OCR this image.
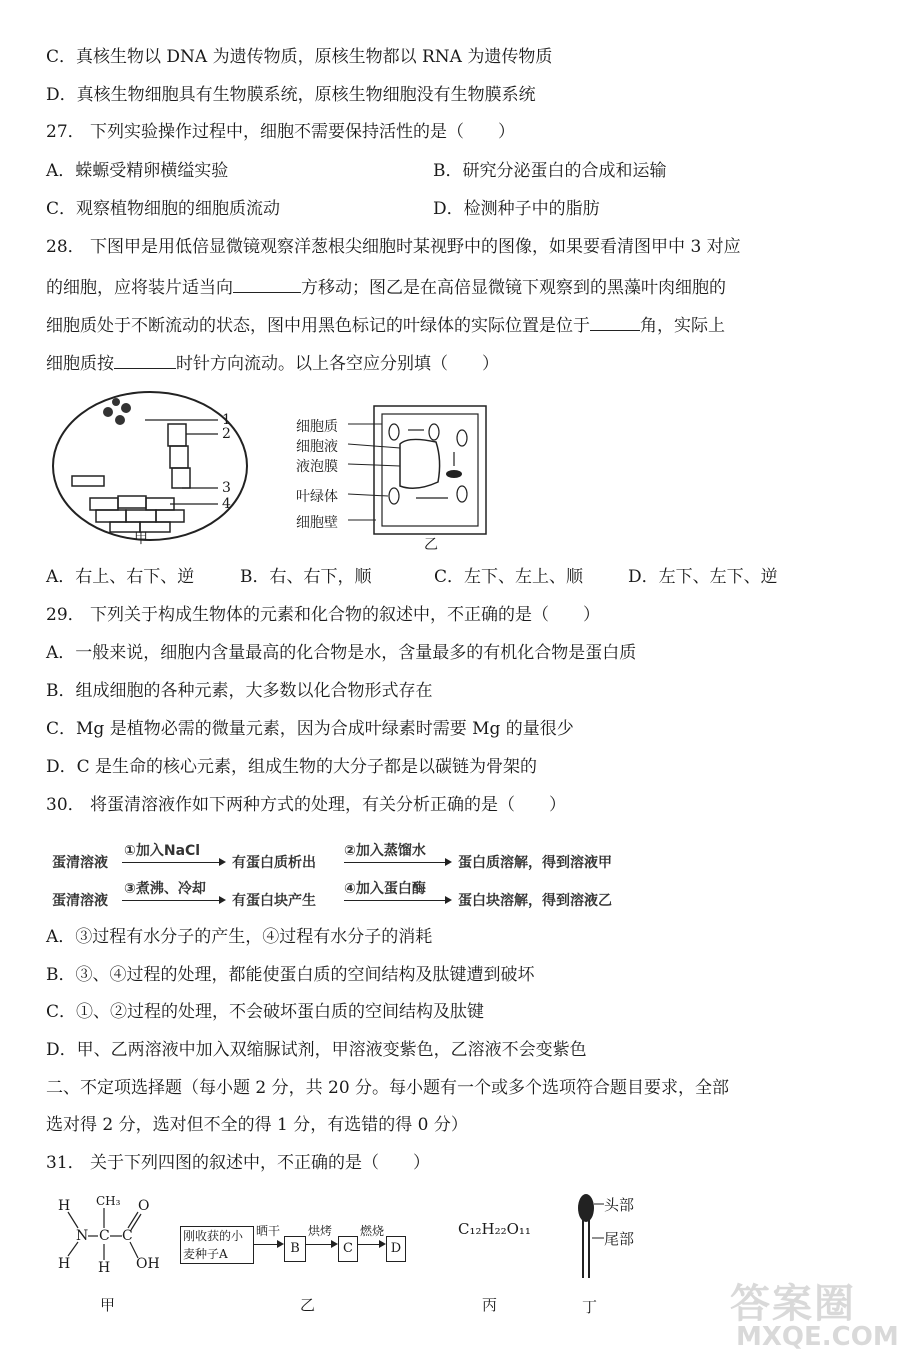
C．真核生物以 DNA 为遗传物质，原核生物都以 RNA 为遗传物质
D．真核生物细胞具有生物膜系统，原核生物细胞没有生物膜系统
27． 下列实验操作过程中，细胞不需要保持活性的是（　　）
A．蝾螈受精卵横缢实验	B．研究分泌蛋白的合成和运输
C．观察植物细胞的细胞质流动	D．检测种子中的脂肪
28． 下图甲是用低倍显微镜观察洋葱根尖细胞时某视野中的图像，如果要看清图甲中 3 对应
的细胞，应将装片适当向	方移动；图乙是在高倍显微镜下观察到的黑藻叶肉细胞的
细胞质处于不断流动的状态，图中用黑色标记的叶绿体的实际位置是位于	角，实际上
细胞质按	时针方向流动。以上各空应分别填（　　）
1
2
3
4
甲
细胞质
细胞液
液泡膜
叶绿体
细胞壁
乙
A．右上、右下、逆	B．右、右下，顺	C．左下、左上、顺	D．左下、左下、逆
29． 下列关于构成生物体的元素和化合物的叙述中，不正确的是（　　）
A．一般来说，细胞内含量最高的化合物是水，含量最多的有机化合物是蛋白质
B．组成细胞的各种元素，大多数以化合物形式存在
C．Mg 是植物必需的微量元素，因为合成叶绿素时需要 Mg 的量很少
D．C 是生命的核心元素，组成生物的大分子都是以碳链为骨架的
30． 将蛋清溶液作如下两种方式的处理，有关分析正确的是（　　）
蛋清溶液
①加入NaCl
有蛋白质析出
②加入蒸馏水
蛋白质溶解，得到溶液甲
蛋清溶液
③煮沸、冷却
有蛋白块产生
④加入蛋白酶
蛋白块溶解，得到溶液乙
A．③过程有水分子的产生，④过程有水分子的消耗
B．③、④过程的处理，都能使蛋白质的空间结构及肽键遭到破坏
C．①、②过程的处理，不会破坏蛋白质的空间结构及肽键
D．甲、乙两溶液中加入双缩脲试剂，甲溶液变紫色，乙溶液不会变紫色
二、不定项选择题（每小题 2 分，共 20 分。每小题有一个或多个选项符合题目要求，全部
选对得 2 分，选对但不全的得 1 分，有选错的得 0 分）
31． 关于下列四图的叙述中，不正确的是（　　）
H CH₃ O
H
N C C
H OH
甲
刚收获的小
麦种子A
晒干
B
烘烤
C
燃烧
D
乙
C₁₂H₂₂O₁₁
丙
头部
尾部
丁	答案圈
MXQE.COM
